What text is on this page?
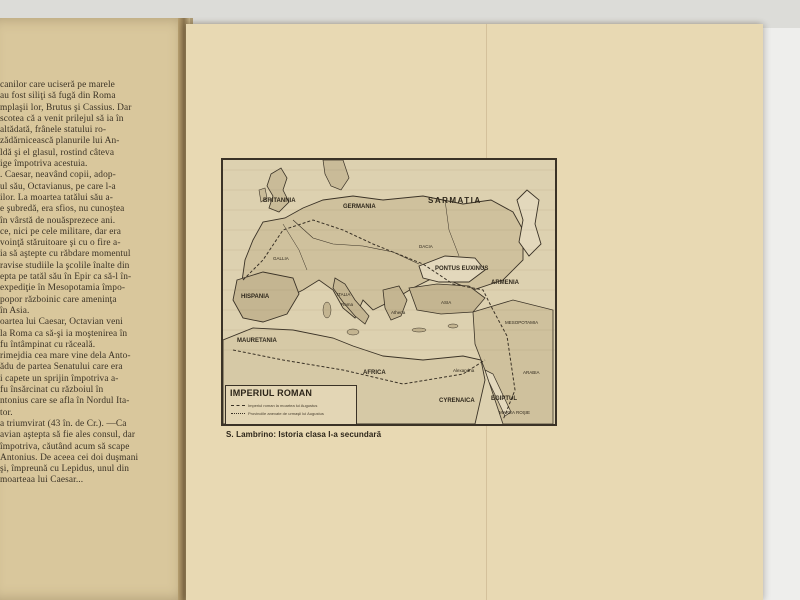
canilor care uciseră pe marele
au fost siliţi să fugă din Roma
mplaşii lor, Brutus şi Cassius. Dar
scotea că a venit prilejul să ia în
altădată, frânele statului ro-
zădărnicească planurile lui An-
ldă şi el glasul, rostind câteva
ige împotriva acestuia.
. Caesar, neavând copii, adop-
ul său, Octavianus, pe care l-a
ilor. La moartea tatălui său a-
e şubredă, era sfios, nu cunoştea
în vârstă de nouăsprezece ani.
ce, nici pe cele militare, dar era
voinţă stăruitoare şi cu o fire a-
ia să aştepte cu răbdare momentul
ravise studiile la şcolile înalte din
epta pe tatăl său în Epir ca să-l în-
expediţie în Mesopotamia împo-
popor războinic care ameninţa
în Asia.
oartea lui Caesar, Octavian veni
la Roma ca să-şi ia moştenirea în
fu întâmpinat cu răceală.
rimejdia cea mare vine dela Anto-
ădu de partea Senatului care era
i capete un sprijin împotriva a-
fu însărcinat cu războiul în
ntonius care se afla în Nordul Ita-
tor.
a triumvirat (43 în. de Cr.). —Ca
avian aştepta să fie ales consul, dar
împotriva, căutând acum să scape
Antonius. De aceea cei doi duşmani
şi, împreună cu Lepidus, unul din
moarteaa lui Caesar...
BRITANNIA
GERMANIA
SARMATIA
PONTUS EUXINUS
ARMENIA
HISPANIA
MAURETANIA
AFRICA
CYRENAICA	EGIPTUL
Alexandria
DACIA
ITALIA
GALLIA
MESOPOTAMIA
ASIA
ARABIA
MAREA ROŞIE
Roma
Athena
IMPERIUL ROMAN
Imperiul roman la moartea lui Augustus
Provinciile anexate de urmaşii lui Augustus
S. Lambrino: Istoria clasa I-a secundară
